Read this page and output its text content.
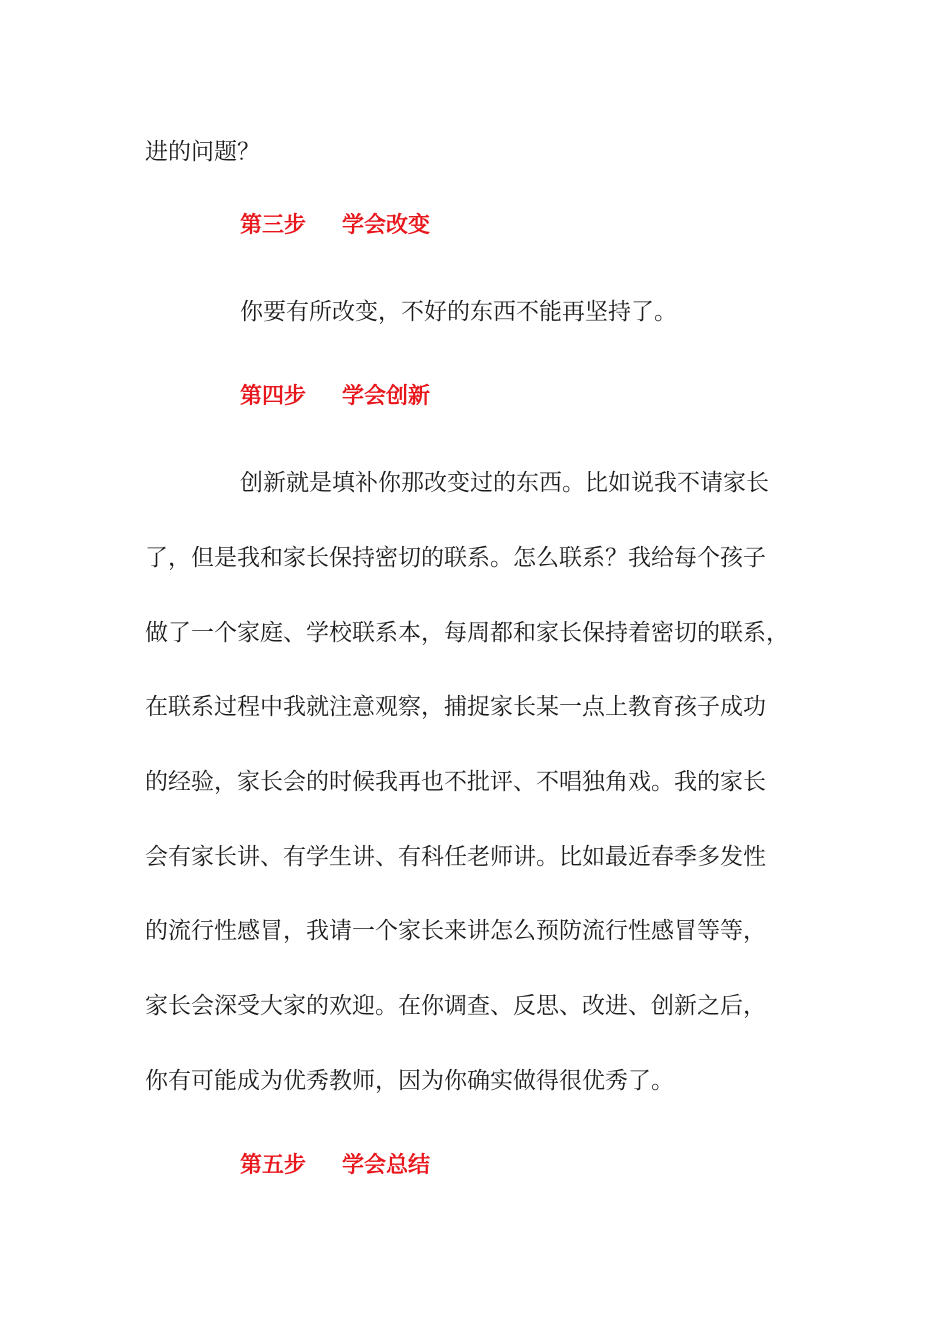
进的问题？
第三步 学会改变
你要有所改变，不好的东西不能再坚持了。
第四步 学会创新
创新就是填补你那改变过的东西。比如说我不请家长
了，但是我和家长保持密切的联系。怎么联系？我给每个孩子
做了一个家庭、学校联系本，每周都和家长保持着密切的联系，
在联系过程中我就注意观察，捕捉家长某一点上教育孩子成功
的经验，家长会的时候我再也不批评、不唱独角戏。我的家长
会有家长讲、有学生讲、有科任老师讲。比如最近春季多发性
的流行性感冒，我请一个家长来讲怎么预防流行性感冒等等，
家长会深受大家的欢迎。在你调查、反思、改进、创新之后，
你有可能成为优秀教师，因为你确实做得很优秀了。
第五步 学会总结
